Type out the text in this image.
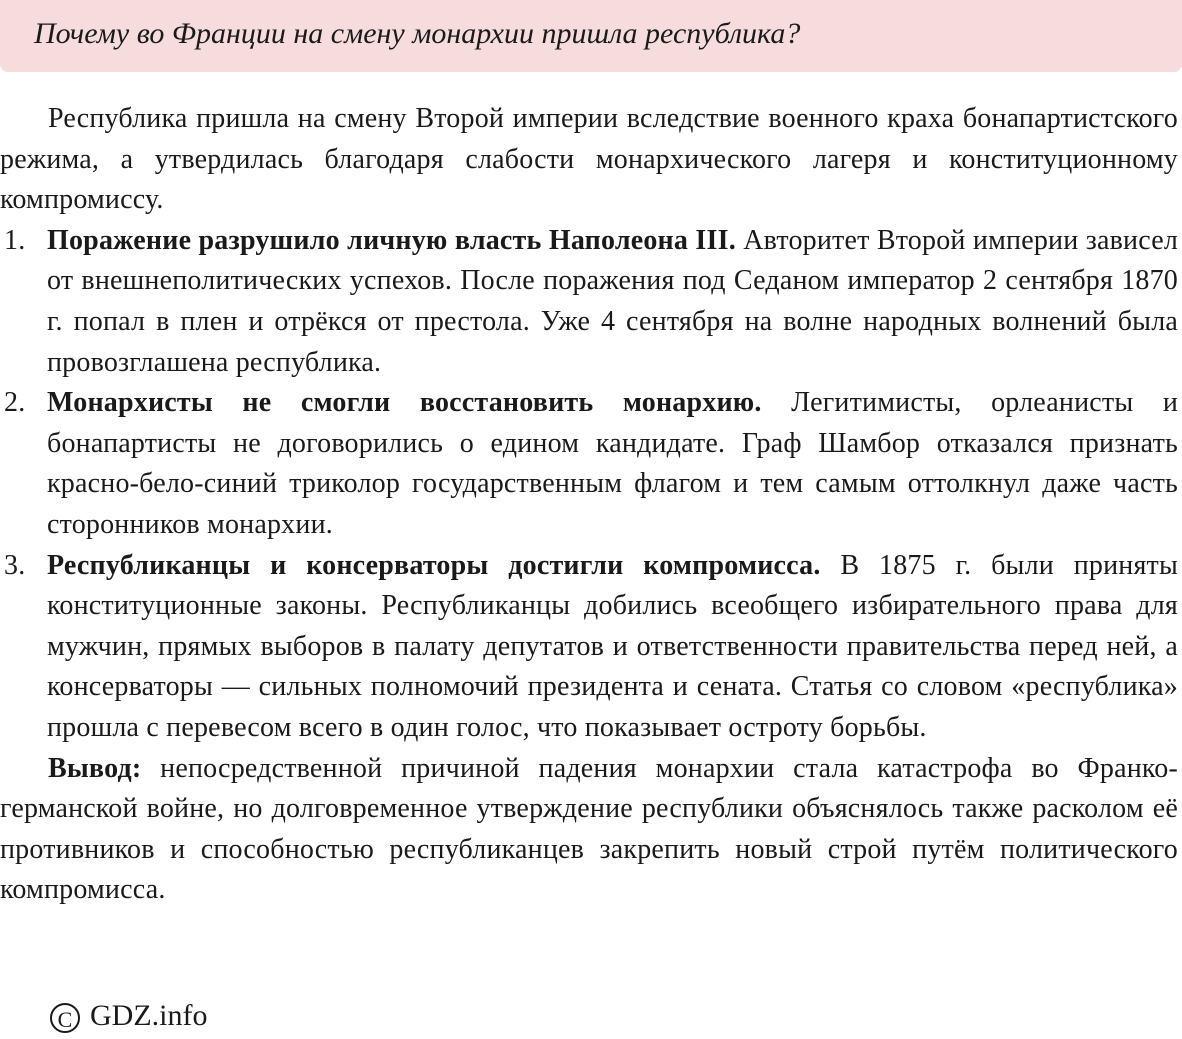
Почему во Франции на смену монархии пришла республика?

Республика пришла на смену Второй империи вследствие военного краха бонапартистского режима, а утвердилась благодаря слабости монархического лагеря и конституционному компромиссу.

1. Поражение разрушило личную власть Наполеона III. Авторитет Второй империи зависел от внешнеполитических успехов. После поражения под Седаном император 2 сентября 1870 г. попал в плен и отрёкся от престола. Уже 4 сентября на волне народных волнений была провозглашена республика.
2. Монархисты не смогли восстановить монархию. Легитимисты, орлеанисты и бонапартисты не договорились о едином кандидате. Граф Шамбор отказался признать красно-бело-синий триколор государственным флагом и тем самым оттолкнул даже часть сторонников монархии.
3. Республиканцы и консерваторы достигли компромисса. В 1875 г. были приняты конституционные законы. Республиканцы добились всеобщего избирательного права для мужчин, прямых выборов в палату депутатов и ответственности правительства перед ней, а консерваторы — сильных полномочий президента и сената. Статья со словом «республика» прошла с перевесом всего в один голос, что показывает остроту борьбы.

Вывод: непосредственной причиной падения монархии стала катастрофа во Франко-германской войне, но долговременное утверждение республики объяснялось также расколом её противников и способностью республиканцев закрепить новый строй путём политического компромисса.

C GDZ.info
